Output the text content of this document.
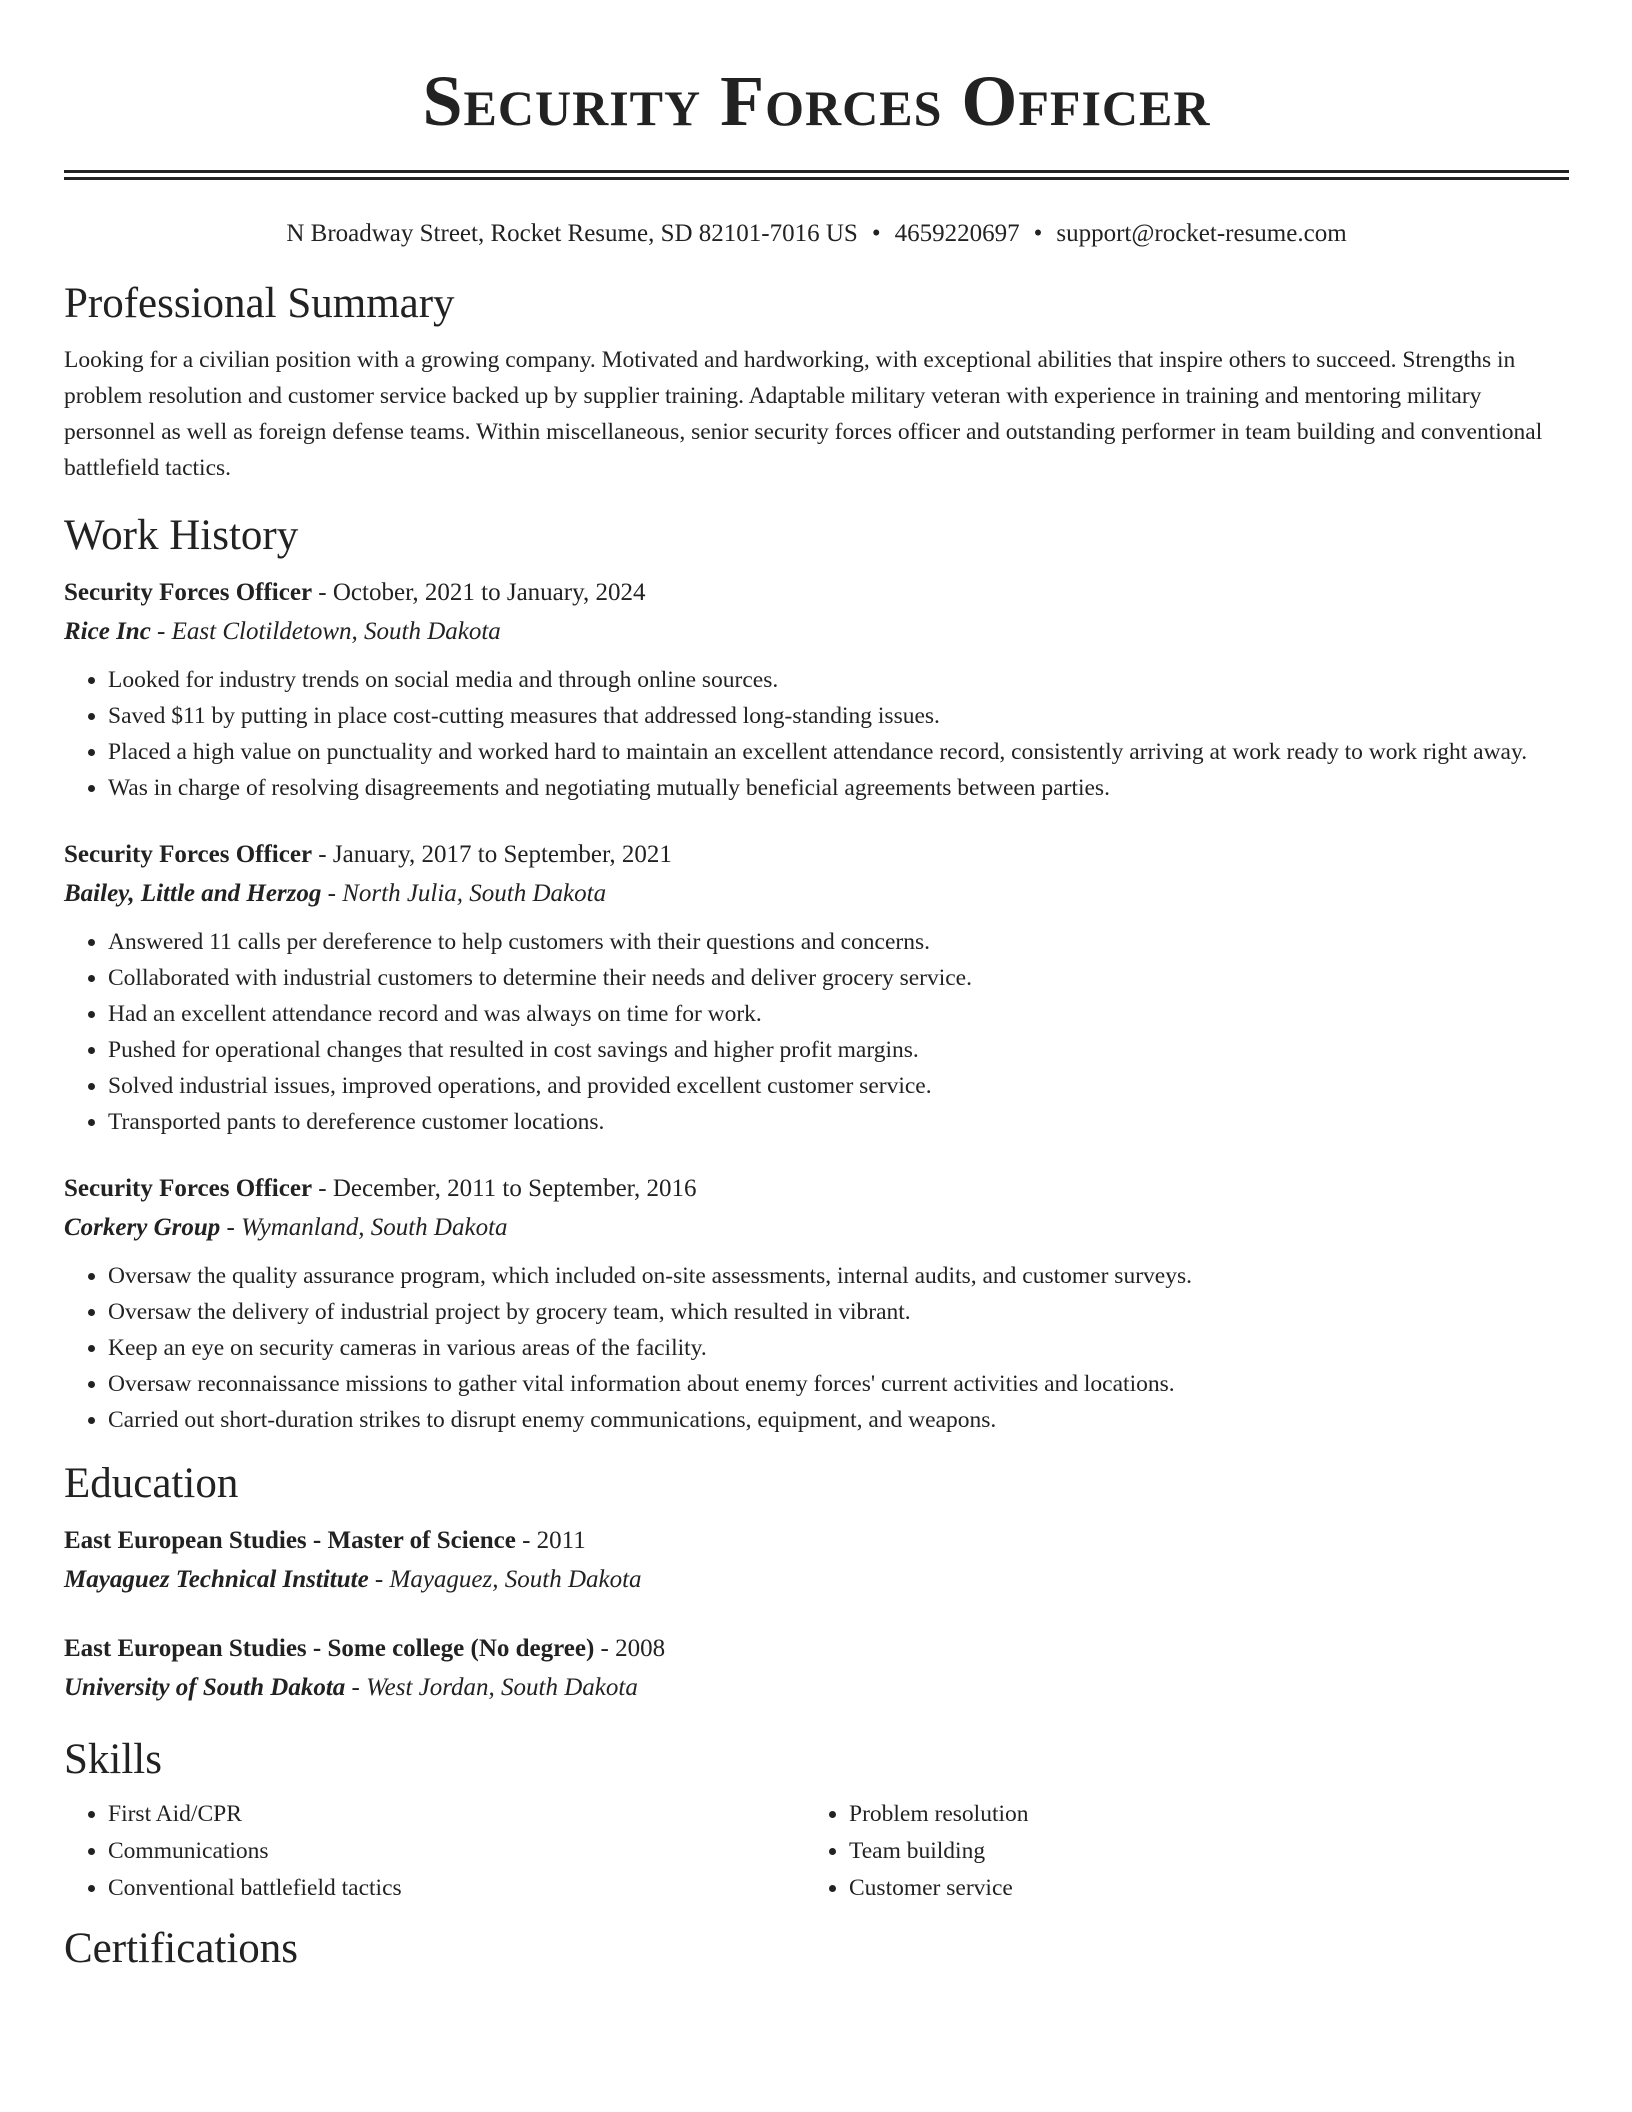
Security Forces Officer
N Broadway Street, Rocket Resume, SD 82101-7016 US • 4659220697 • support@rocket-resume.com
Professional Summary

Looking for a civilian position with a growing company. Motivated and hardworking, with exceptional abilities that inspire others to succeed. Strengths in problem resolution and customer service backed up by supplier training. Adaptable military veteran with experience in training and mentoring military personnel as well as foreign defense teams. Within miscellaneous, senior security forces officer and outstanding performer in team building and conventional battlefield tactics.

Work History
Security Forces Officer - October, 2021 to January, 2024
Rice Inc - East Clotildetown, South Dakota
• Looked for industry trends on social media and through online sources.
• Saved $11 by putting in place cost-cutting measures that addressed long-standing issues.
• Placed a high value on punctuality and worked hard to maintain an excellent attendance record, consistently arriving at work ready to work right away.
• Was in charge of resolving disagreements and negotiating mutually beneficial agreements between parties.
Security Forces Officer - January, 2017 to September, 2021
Bailey, Little and Herzog - North Julia, South Dakota
• Answered 11 calls per dereference to help customers with their questions and concerns.
• Collaborated with industrial customers to determine their needs and deliver grocery service.
• Had an excellent attendance record and was always on time for work.
• Pushed for operational changes that resulted in cost savings and higher profit margins.
• Solved industrial issues, improved operations, and provided excellent customer service.
• Transported pants to dereference customer locations.
Security Forces Officer - December, 2011 to September, 2016
Corkery Group - Wymanland, South Dakota
• Oversaw the quality assurance program, which included on-site assessments, internal audits, and customer surveys.
• Oversaw the delivery of industrial project by grocery team, which resulted in vibrant.
• Keep an eye on security cameras in various areas of the facility.
• Oversaw reconnaissance missions to gather vital information about enemy forces' current activities and locations.
• Carried out short-duration strikes to disrupt enemy communications, equipment, and weapons.
Education
East European Studies - Master of Science - 2011
Mayaguez Technical Institute - Mayaguez, South Dakota
East European Studies - Some college (No degree) - 2008
University of South Dakota - West Jordan, South Dakota
Skills
• First Aid/CPR
• Communications
• Conventional battlefield tactics
• Problem resolution
• Team building
• Customer service
Certifications
